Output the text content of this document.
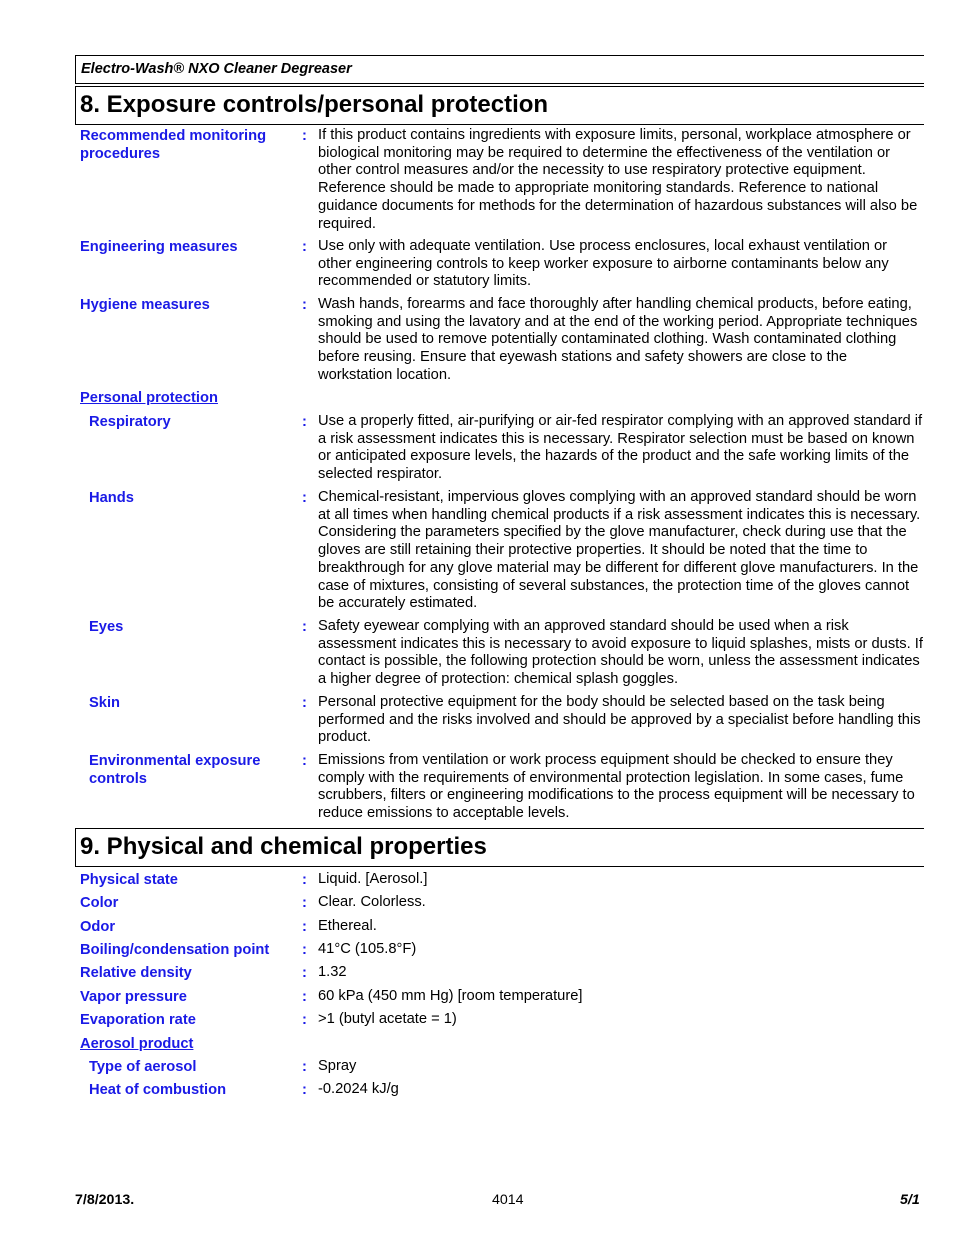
Electro-Wash® NXO Cleaner Degreaser
8. Exposure controls/personal protection
Recommended monitoring procedures
: If this product contains ingredients with exposure limits, personal, workplace atmosphere or biological monitoring may be required to determine the effectiveness of the ventilation or other control measures and/or the necessity to use respiratory protective equipment. Reference should be made to appropriate monitoring standards. Reference to national guidance documents for methods for the determination of hazardous substances will also be required.
Engineering measures	: Use only with adequate ventilation. Use process enclosures, local exhaust ventilation or other engineering controls to keep worker exposure to airborne contaminants below any recommended or statutory limits.
Hygiene measures	: Wash hands, forearms and face thoroughly after handling chemical products, before eating, smoking and using the lavatory and at the end of the working period. Appropriate techniques should be used to remove potentially contaminated clothing. Wash contaminated clothing before reusing. Ensure that eyewash stations and safety showers are close to the workstation location.
Personal protection
Respiratory	: Use a properly fitted, air-purifying or air-fed respirator complying with an approved standard if a risk assessment indicates this is necessary. Respirator selection must be based on known or anticipated exposure levels, the hazards of the product and the safe working limits of the selected respirator.
Hands	: Chemical-resistant, impervious gloves complying with an approved standard should be worn at all times when handling chemical products if a risk assessment indicates this is necessary. Considering the parameters specified by the glove manufacturer, check during use that the gloves are still retaining their protective properties. It should be noted that the time to breakthrough for any glove material may be different for different glove manufacturers. In the case of mixtures, consisting of several substances, the protection time of the gloves cannot be accurately estimated.
Eyes	: Safety eyewear complying with an approved standard should be used when a risk assessment indicates this is necessary to avoid exposure to liquid splashes, mists or dusts. If contact is possible, the following protection should be worn, unless the assessment indicates a higher degree of protection: chemical splash goggles.
Skin	: Personal protective equipment for the body should be selected based on the task being performed and the risks involved and should be approved by a specialist before handling this product.
Environmental exposure controls
: Emissions from ventilation or work process equipment should be checked to ensure they comply with the requirements of environmental protection legislation. In some cases, fume scrubbers, filters or engineering modifications to the process equipment will be necessary to reduce emissions to acceptable levels.
9. Physical and chemical properties
Physical state	: Liquid. [Aerosol.]
Color	: Clear. Colorless.
Odor	: Ethereal.
Boiling/condensation point	: 41°C (105.8°F)
Relative density	: 1.32
Vapor pressure	: 60 kPa (450 mm Hg) [room temperature]
Evaporation rate	: >1 (butyl acetate = 1)
Aerosol product
Type of aerosol	: Spray
Heat of combustion	: -0.2024 kJ/g
7/8/2013.	4014	5/1
